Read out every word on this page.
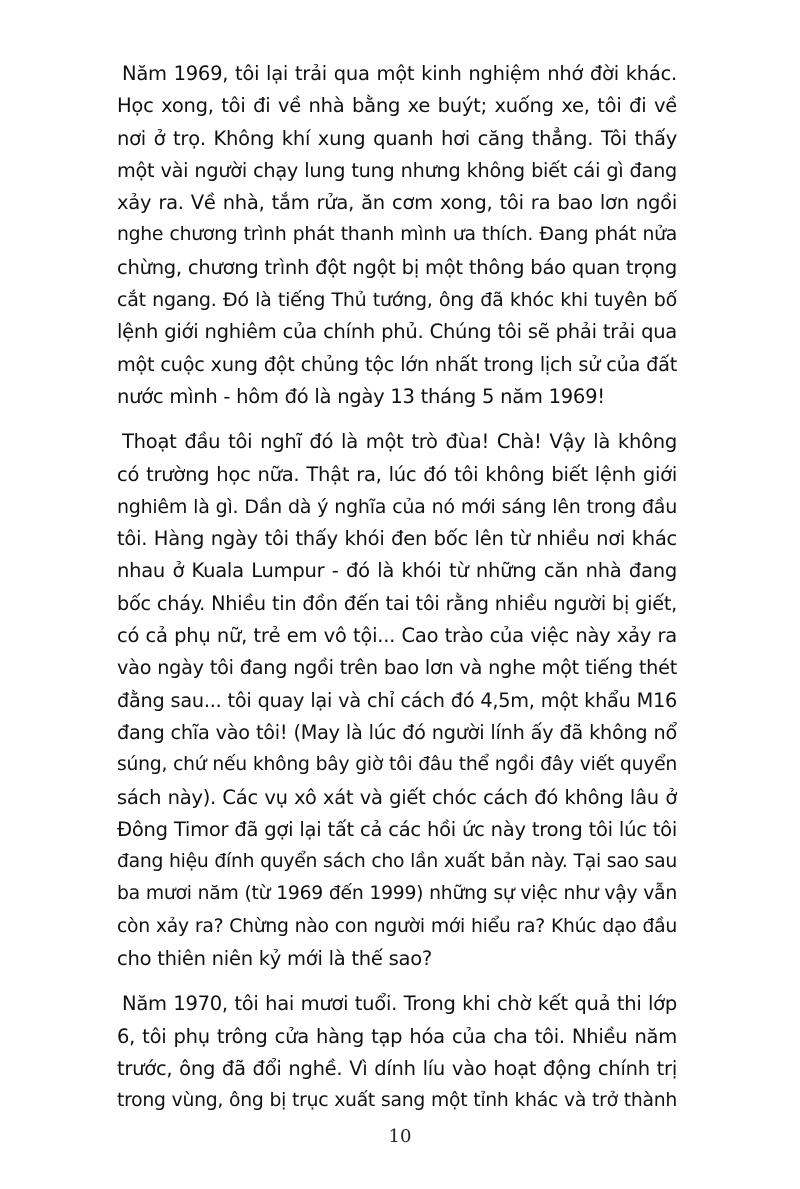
Năm 1969, tôi lại trải qua một kinh nghiệm nhớ đời khác.
Học xong, tôi đi về nhà bằng xe buýt; xuống xe, tôi đi về
nơi ở trọ. Không khí xung quanh hơi căng thẳng. Tôi thấy
một vài người chạy lung tung nhưng không biết cái gì đang
xảy ra. Về nhà, tắm rửa, ăn cơm xong, tôi ra bao lơn ngồi
nghe chương trình phát thanh mình ưa thích. Đang phát nửa
chừng, chương trình đột ngột bị một thông báo quan trọng
cắt ngang. Đó là tiếng Thủ tướng, ông đã khóc khi tuyên bố
lệnh giới nghiêm của chính phủ. Chúng tôi sẽ phải trải qua
một cuộc xung đột chủng tộc lớn nhất trong lịch sử của đất
nước mình - hôm đó là ngày 13 tháng 5 năm 1969!

Thoạt đầu tôi nghĩ đó là một trò đùa! Chà! Vậy là không
có trường học nữa. Thật ra, lúc đó tôi không biết lệnh giới
nghiêm là gì. Dần dà ý nghĩa của nó mới sáng lên trong đầu
tôi. Hàng ngày tôi thấy khói đen bốc lên từ nhiều nơi khác
nhau ở Kuala Lumpur - đó là khói từ những căn nhà đang
bốc cháy. Nhiều tin đồn đến tai tôi rằng nhiều người bị giết,
có cả phụ nữ, trẻ em vô tội... Cao trào của việc này xảy ra
vào ngày tôi đang ngồi trên bao lơn và nghe một tiếng thét
đằng sau... tôi quay lại và chỉ cách đó 4,5m, một khẩu M16
đang chĩa vào tôi! (May là lúc đó người lính ấy đã không nổ
súng, chứ nếu không bây giờ tôi đâu thể ngồi đây viết quyển
sách này). Các vụ xô xát và giết chóc cách đó không lâu ở
Đông Timor đã gợi lại tất cả các hồi ức này trong tôi lúc tôi
đang hiệu đính quyển sách cho lần xuất bản này. Tại sao sau
ba mươi năm (từ 1969 đến 1999) những sự việc như vậy vẫn
còn xảy ra? Chừng nào con người mới hiểu ra? Khúc dạo đầu
cho thiên niên kỷ mới là thế sao?

Năm 1970, tôi hai mươi tuổi. Trong khi chờ kết quả thi lớp
6, tôi phụ trông cửa hàng tạp hóa của cha tôi. Nhiều năm
trước, ông đã đổi nghề. Vì dính líu vào hoạt động chính trị
trong vùng, ông bị trục xuất sang một tỉnh khác và trở thành

10
